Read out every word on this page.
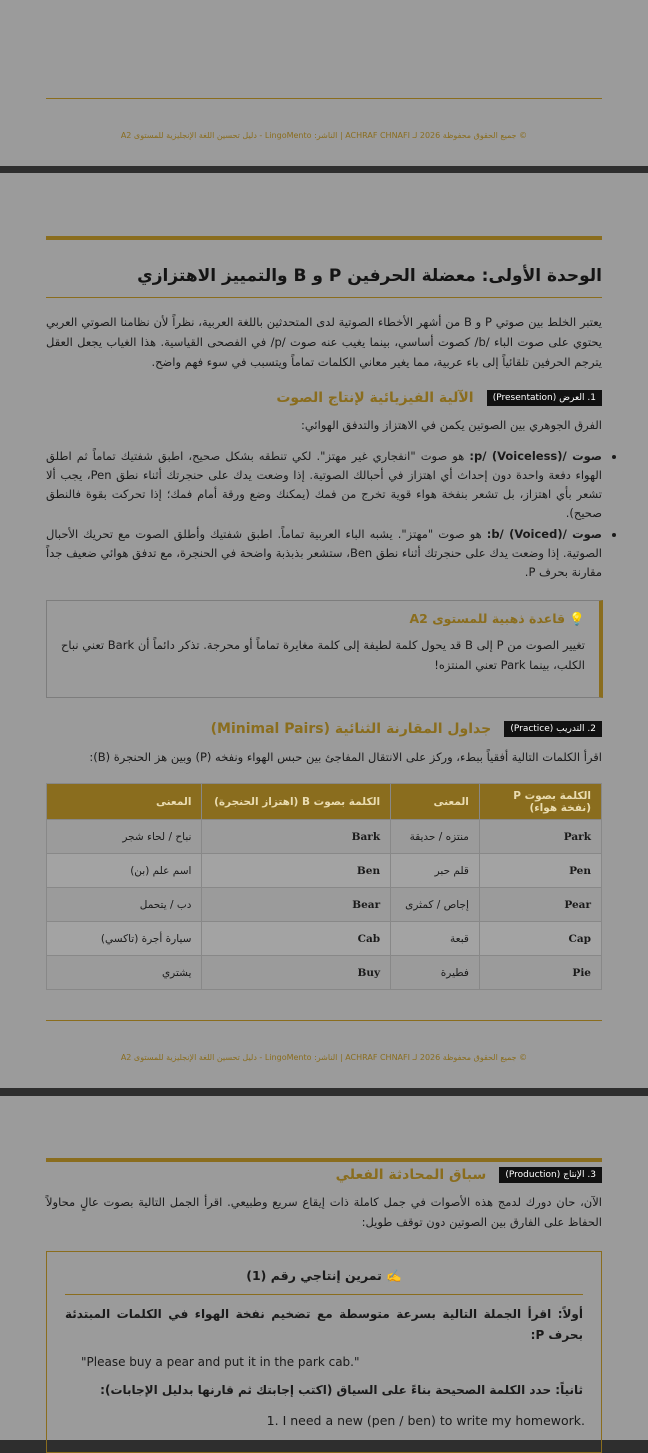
© جميع الحقوق محفوظة 2026 لـ ACHRAF CHNAFI | الناشر: LingoMento - دليل تحسين اللغة الإنجليزية للمستوى A2
الوحدة الأولى: معضلة الحرفين P و B والتمييز الاهتزازي
يعتبر الخلط بين صوتي P و B من أشهر الأخطاء الصوتية لدى المتحدثين باللغة العربية، نظراً لأن نظامنا الصوتي العربي يحتوي على صوت الباء /b/ كصوت أساسي، بينما يغيب عنه صوت /p/ في الفصحى القياسية. هذا الغياب يجعل العقل يترجم الحرفين تلقائياً إلى باء عربية، مما يغير معاني الكلمات تماماً ويتسبب في سوء فهم واضح.
1. العرض (Presentation) الآلية الفيزيائية لإنتاج الصوت
الفرق الجوهري بين الصوتين يكمن في الاهتزاز والتدفق الهوائي:
• صوت /p/ (Voiceless): هو صوت "انفجاري غير مهتز". لكي تنطقه بشكل صحيح، اطبق شفتيك تماماً ثم اطلق الهواء دفعة واحدة دون إحداث أي اهتزاز في أحبالك الصوتية. إذا وضعت يدك على حنجرتك أثناء نطق Pen، يجب ألا تشعر بأي اهتزاز، بل تشعر بنفخة هواء قوية تخرج من فمك (يمكنك وضع ورقة أمام فمك؛ إذا تحركت بقوة فالنطق صحيح).
• صوت /b/ (Voiced): هو صوت "مهتز". يشبه الباء العربية تماماً. اطبق شفتيك وأطلق الصوت مع تحريك الأحبال الصوتية. إذا وضعت يدك على حنجرتك أثناء نطق Ben، ستشعر بذبذبة واضحة في الحنجرة، مع تدفق هوائي ضعيف جداً مقارنة بحرف P.
💡 قاعدة ذهبية للمستوى A2
تغيير الصوت من P إلى B قد يحول كلمة لطيفة إلى كلمة مغايرة تماماً أو محرجة. تذكر دائماً أن Bark تعني نباح الكلب، بينما Park تعني المنتزه!
2. التدريب (Practice) جداول المقارنة الثنائية (Minimal Pairs)
اقرأ الكلمات التالية أفقياً ببطء، وركز على الانتقال المفاجئ بين حبس الهواء ونفخه (P) وبين هز الحنجرة (B):
الكلمة بصوت P (نفخة هواء)	المعنى	الكلمة بصوت B (اهتزاز الحنجرة)	المعنى
Park	منتزه / حديقة	Bark	نباح / لحاء شجر
Pen	قلم حبر	Ben	اسم علم (بن)
Pear	إجاص / كمثرى	Bear	دب / يتحمل
Cap	قبعة	Cab	سيارة أجرة (تاكسي)
Pie	فطيرة	Buy	يشتري
© جميع الحقوق محفوظة 2026 لـ ACHRAF CHNAFI | الناشر: LingoMento - دليل تحسين اللغة الإنجليزية للمستوى A2
3. الإنتاج (Production) سباق المحادثة الفعلي
الآن، حان دورك لدمج هذه الأصوات في جمل كاملة ذات إيقاع سريع وطبيعي. اقرأ الجمل التالية بصوت عالٍ محاولاً الحفاظ على الفارق بين الصوتين دون توقف طويل:
✍️ تمرين إنتاجي رقم (1)
أولاً: اقرأ الجملة التالية بسرعة متوسطة مع تضخيم نفخة الهواء في الكلمات المبتدئة بحرف P:
"Please buy a pear and put it in the park cab."
ثانياً: حدد الكلمة الصحيحة بناءً على السياق (اكتب إجابتك ثم قارنها بدليل الإجابات):
1. I need a new (pen / ben) to write my homework.
